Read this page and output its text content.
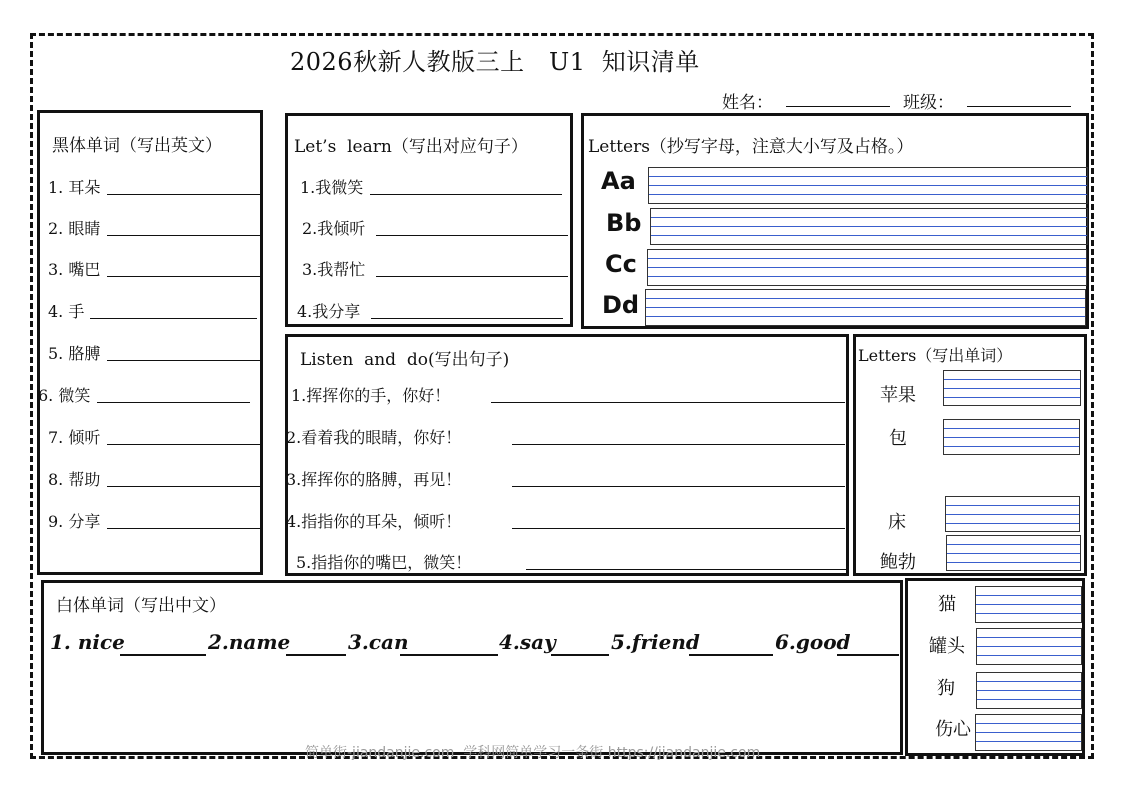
2026秋新人教版三上   U1  知识清单
姓名：	班级：
黑体单词（写出英文）
1. 耳朵
2. 眼睛
3. 嘴巴
4. 手
5. 胳膊
6. 微笑
7. 倾听
8. 帮助
9. 分享
Let’s  learn（写出对应句子）
1.我微笑
2.我倾听
3.我帮忙
4.我分享
Letters（抄写字母，注意大小写及占格。）
Aa
Bb
Cc
Dd
Listen  and  do(写出句子)
1.挥挥你的手，你好！
2.看着我的眼睛，你好！
3.挥挥你的胳膊，再见！
4.指指你的耳朵，倾听！
5.指指你的嘴巴，微笑！
Letters（写出单词）
苹果
包
床
鲍勃
白体单词（写出中文）
1. nice	2.name	3.can	4.say	5.friend	6.good
猫
罐头
狗
伤心
简单街-jiandanjie.com  学科网简单学习一条街 https://jiandanjie.com
